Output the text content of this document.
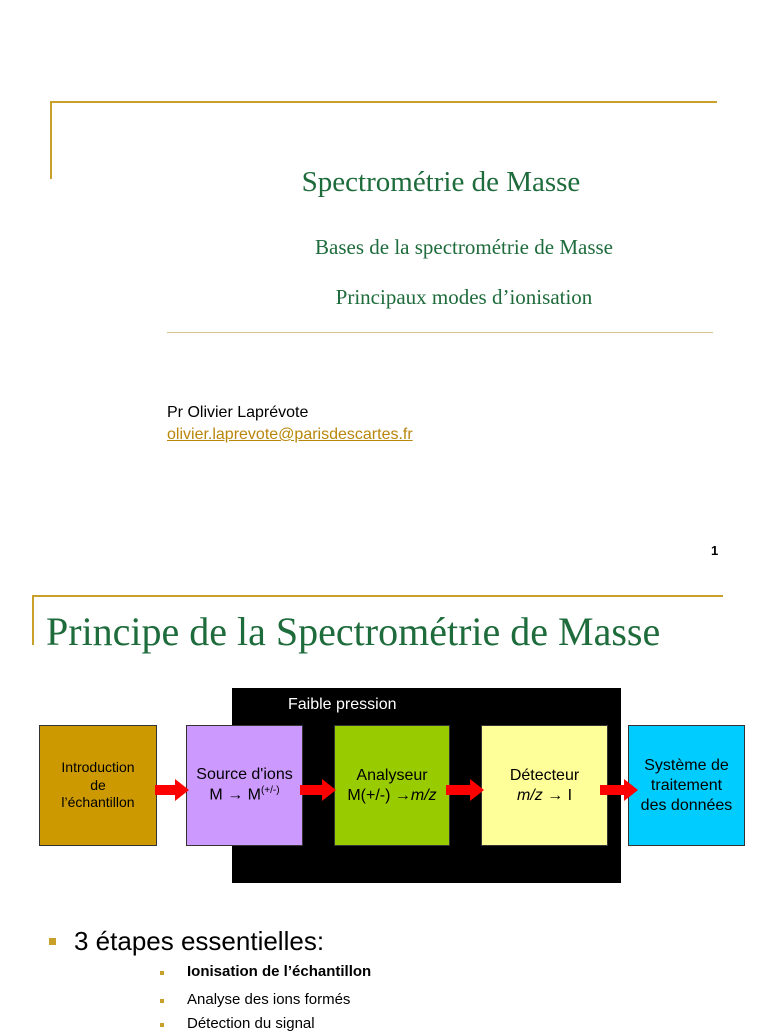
Spectrométrie de Masse
Bases de la spectrométrie de Masse
Principaux modes d’ionisation
Pr Olivier Laprévote
olivier.laprevote@parisdescartes.fr
1
Principe de la Spectrométrie de Masse
Faible pression
Introduction
de
l’échantillon
Source d'ions
M → M(+/-)
Analyseur
M(+/-) →m/z
Détecteur
m/z → I
Système de
traitement
des données
3 étapes essentielles:
Ionisation de l’échantillon
Analyse des ions formés
Détection du signal
